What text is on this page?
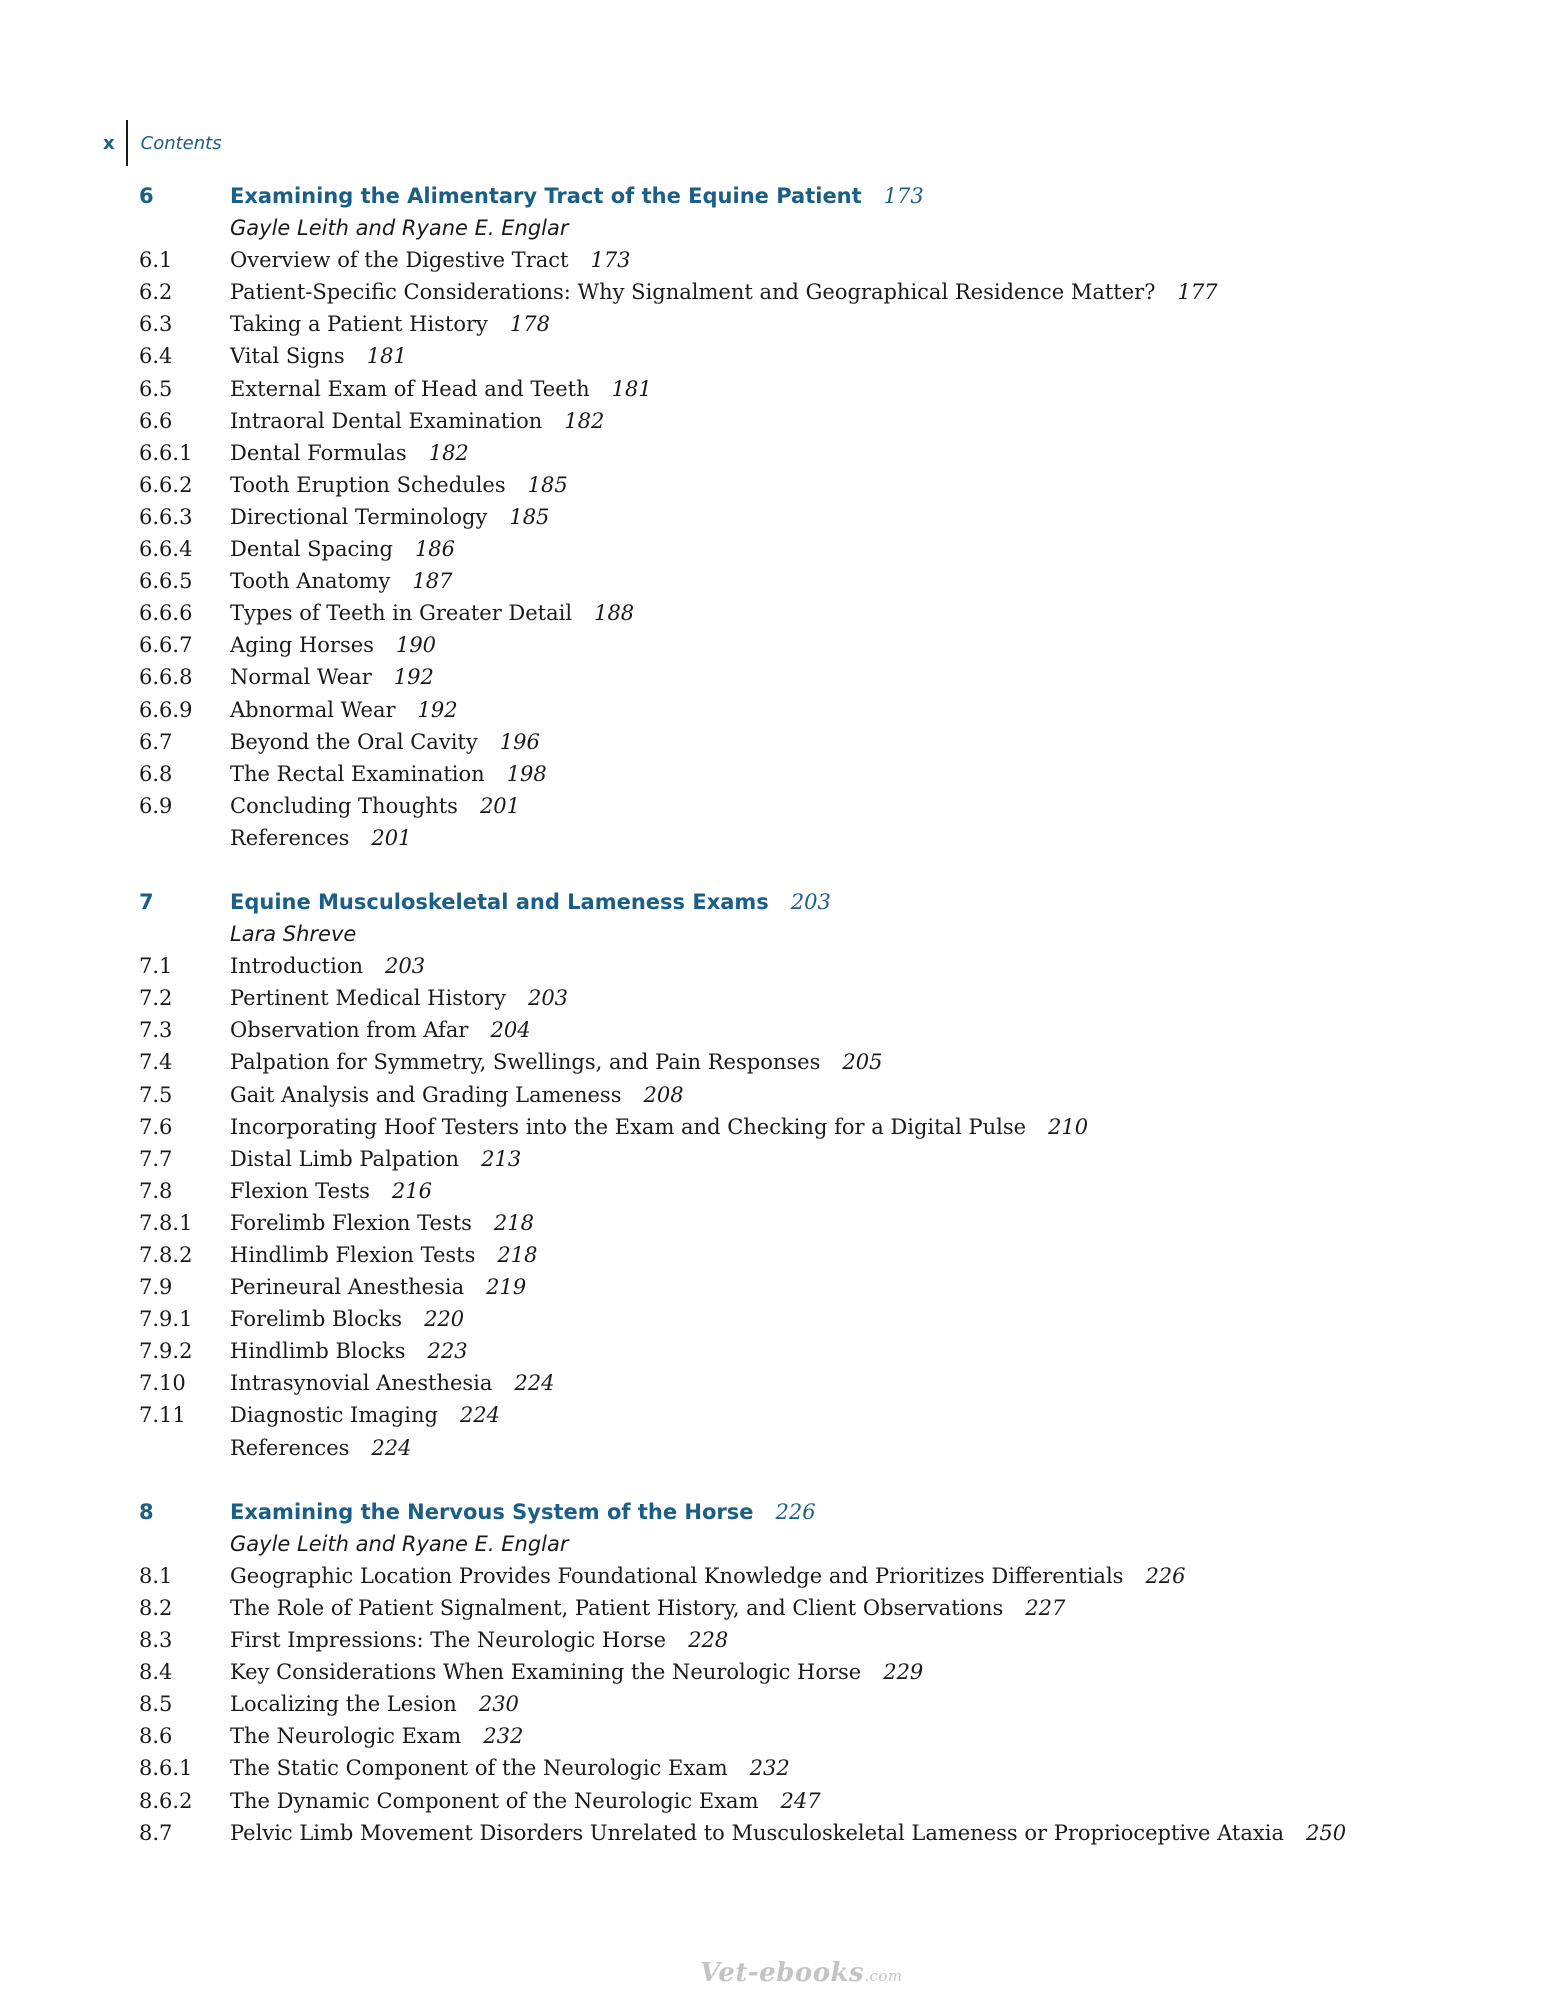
x	Contents
6	Examining the Alimentary Tract of the Equine Patient 173
Gayle Leith and Ryane E. Englar
6.1	Overview of the Digestive Tract 173
6.2	Patient-Specific Considerations: Why Signalment and Geographical Residence Matter? 177
6.3	Taking a Patient History 178
6.4	Vital Signs 181
6.5	External Exam of Head and Teeth 181
6.6	Intraoral Dental Examination 182
6.6.1 Dental Formulas 182
6.6.2 Tooth Eruption Schedules 185
6.6.3 Directional Terminology 185
6.6.4 Dental Spacing 186
6.6.5 Tooth Anatomy 187
6.6.6 Types of Teeth in Greater Detail 188
6.6.7 Aging Horses 190
6.6.8 Normal Wear 192
6.6.9 Abnormal Wear 192
6.7	Beyond the Oral Cavity 196
6.8	The Rectal Examination 198
6.9	Concluding Thoughts 201
References 201
7	Equine Musculoskeletal and Lameness Exams 203
Lara Shreve
7.1	Introduction 203
7.2	Pertinent Medical History 203
7.3	Observation from Afar 204
7.4	Palpation for Symmetry, Swellings, and Pain Responses 205
7.5	Gait Analysis and Grading Lameness 208
7.6	Incorporating Hoof Testers into the Exam and Checking for a Digital Pulse 210
7.7	Distal Limb Palpation 213
7.8	Flexion Tests 216
7.8.1 Forelimb Flexion Tests 218
7.8.2 Hindlimb Flexion Tests 218
7.9	Perineural Anesthesia 219
7.9.1 Forelimb Blocks 220
7.9.2 Hindlimb Blocks 223
7.10 Intrasynovial Anesthesia 224
7.11 Diagnostic Imaging 224
References 224
8	Examining the Nervous System of the Horse 226
Gayle Leith and Ryane E. Englar
8.1	Geographic Location Provides Foundational Knowledge and Prioritizes Differentials 226
8.2	The Role of Patient Signalment, Patient History, and Client Observations 227
8.3	First Impressions: The Neurologic Horse 228
8.4	Key Considerations When Examining the Neurologic Horse 229
8.5	Localizing the Lesion 230
8.6	The Neurologic Exam 232
8.6.1 The Static Component of the Neurologic Exam 232
8.6.2 The Dynamic Component of the Neurologic Exam 247
8.7	Pelvic Limb Movement Disorders Unrelated to Musculoskeletal Lameness or Proprioceptive Ataxia 250
Vet-ebooks.com
